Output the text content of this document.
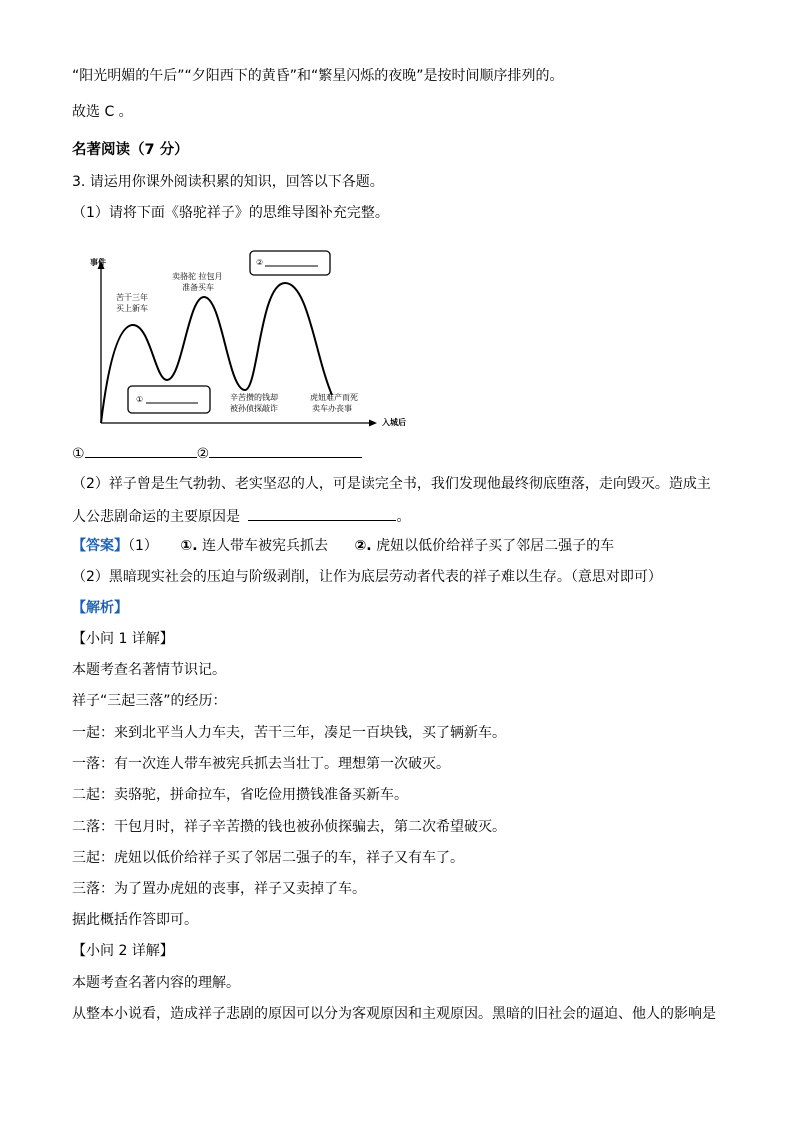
“阳光明媚的午后”“夕阳西下的黄昏”和“繁星闪烁的夜晚”是按时间顺序排列的。
故选 C 。
名著阅读（7 分）
3. 请运用你课外阅读积累的知识，回答以下各题。
（1）请将下面《骆驼祥子》的思维导图补充完整。
事件
入城后
苦干三年
买上新车
卖骆驼 拉包月
准备买车
辛苦攒的钱却
被孙侦探敲诈
虎妞难产而死
卖车办丧事
①
②
①	②
（2）祥子曾是生气勃勃、老实坚忍的人，可是读完全书，我们发现他最终彻底堕落，走向毁灭。造成主
人公悲剧命运的主要原因是	。
【答案】（1） ①. 连人带车被宪兵抓去 ②. 虎妞以低价给祥子买了邻居二强子的车
（2）黑暗现实社会的压迫与阶级剥削，让作为底层劳动者代表的祥子难以生存。（意思对即可）
【解析】
【小问 1 详解】
本题考查名著情节识记。
祥子“三起三落”的经历：
一起：来到北平当人力车夫，苦干三年，凑足一百块钱，买了辆新车。
一落：有一次连人带车被宪兵抓去当壮丁。理想第一次破灭。
二起：卖骆驼，拼命拉车，省吃俭用攒钱准备买新车。
二落：干包月时，祥子辛苦攒的钱也被孙侦探骗去，第二次希望破灭。
三起：虎妞以低价给祥子买了邻居二强子的车，祥子又有车了。
三落：为了置办虎妞的丧事，祥子又卖掉了车。
据此概括作答即可。
【小问 2 详解】
本题考查名著内容的理解。
从整本小说看，造成祥子悲剧的原因可以分为客观原因和主观原因。黑暗的旧社会的逼迫、他人的影响是
